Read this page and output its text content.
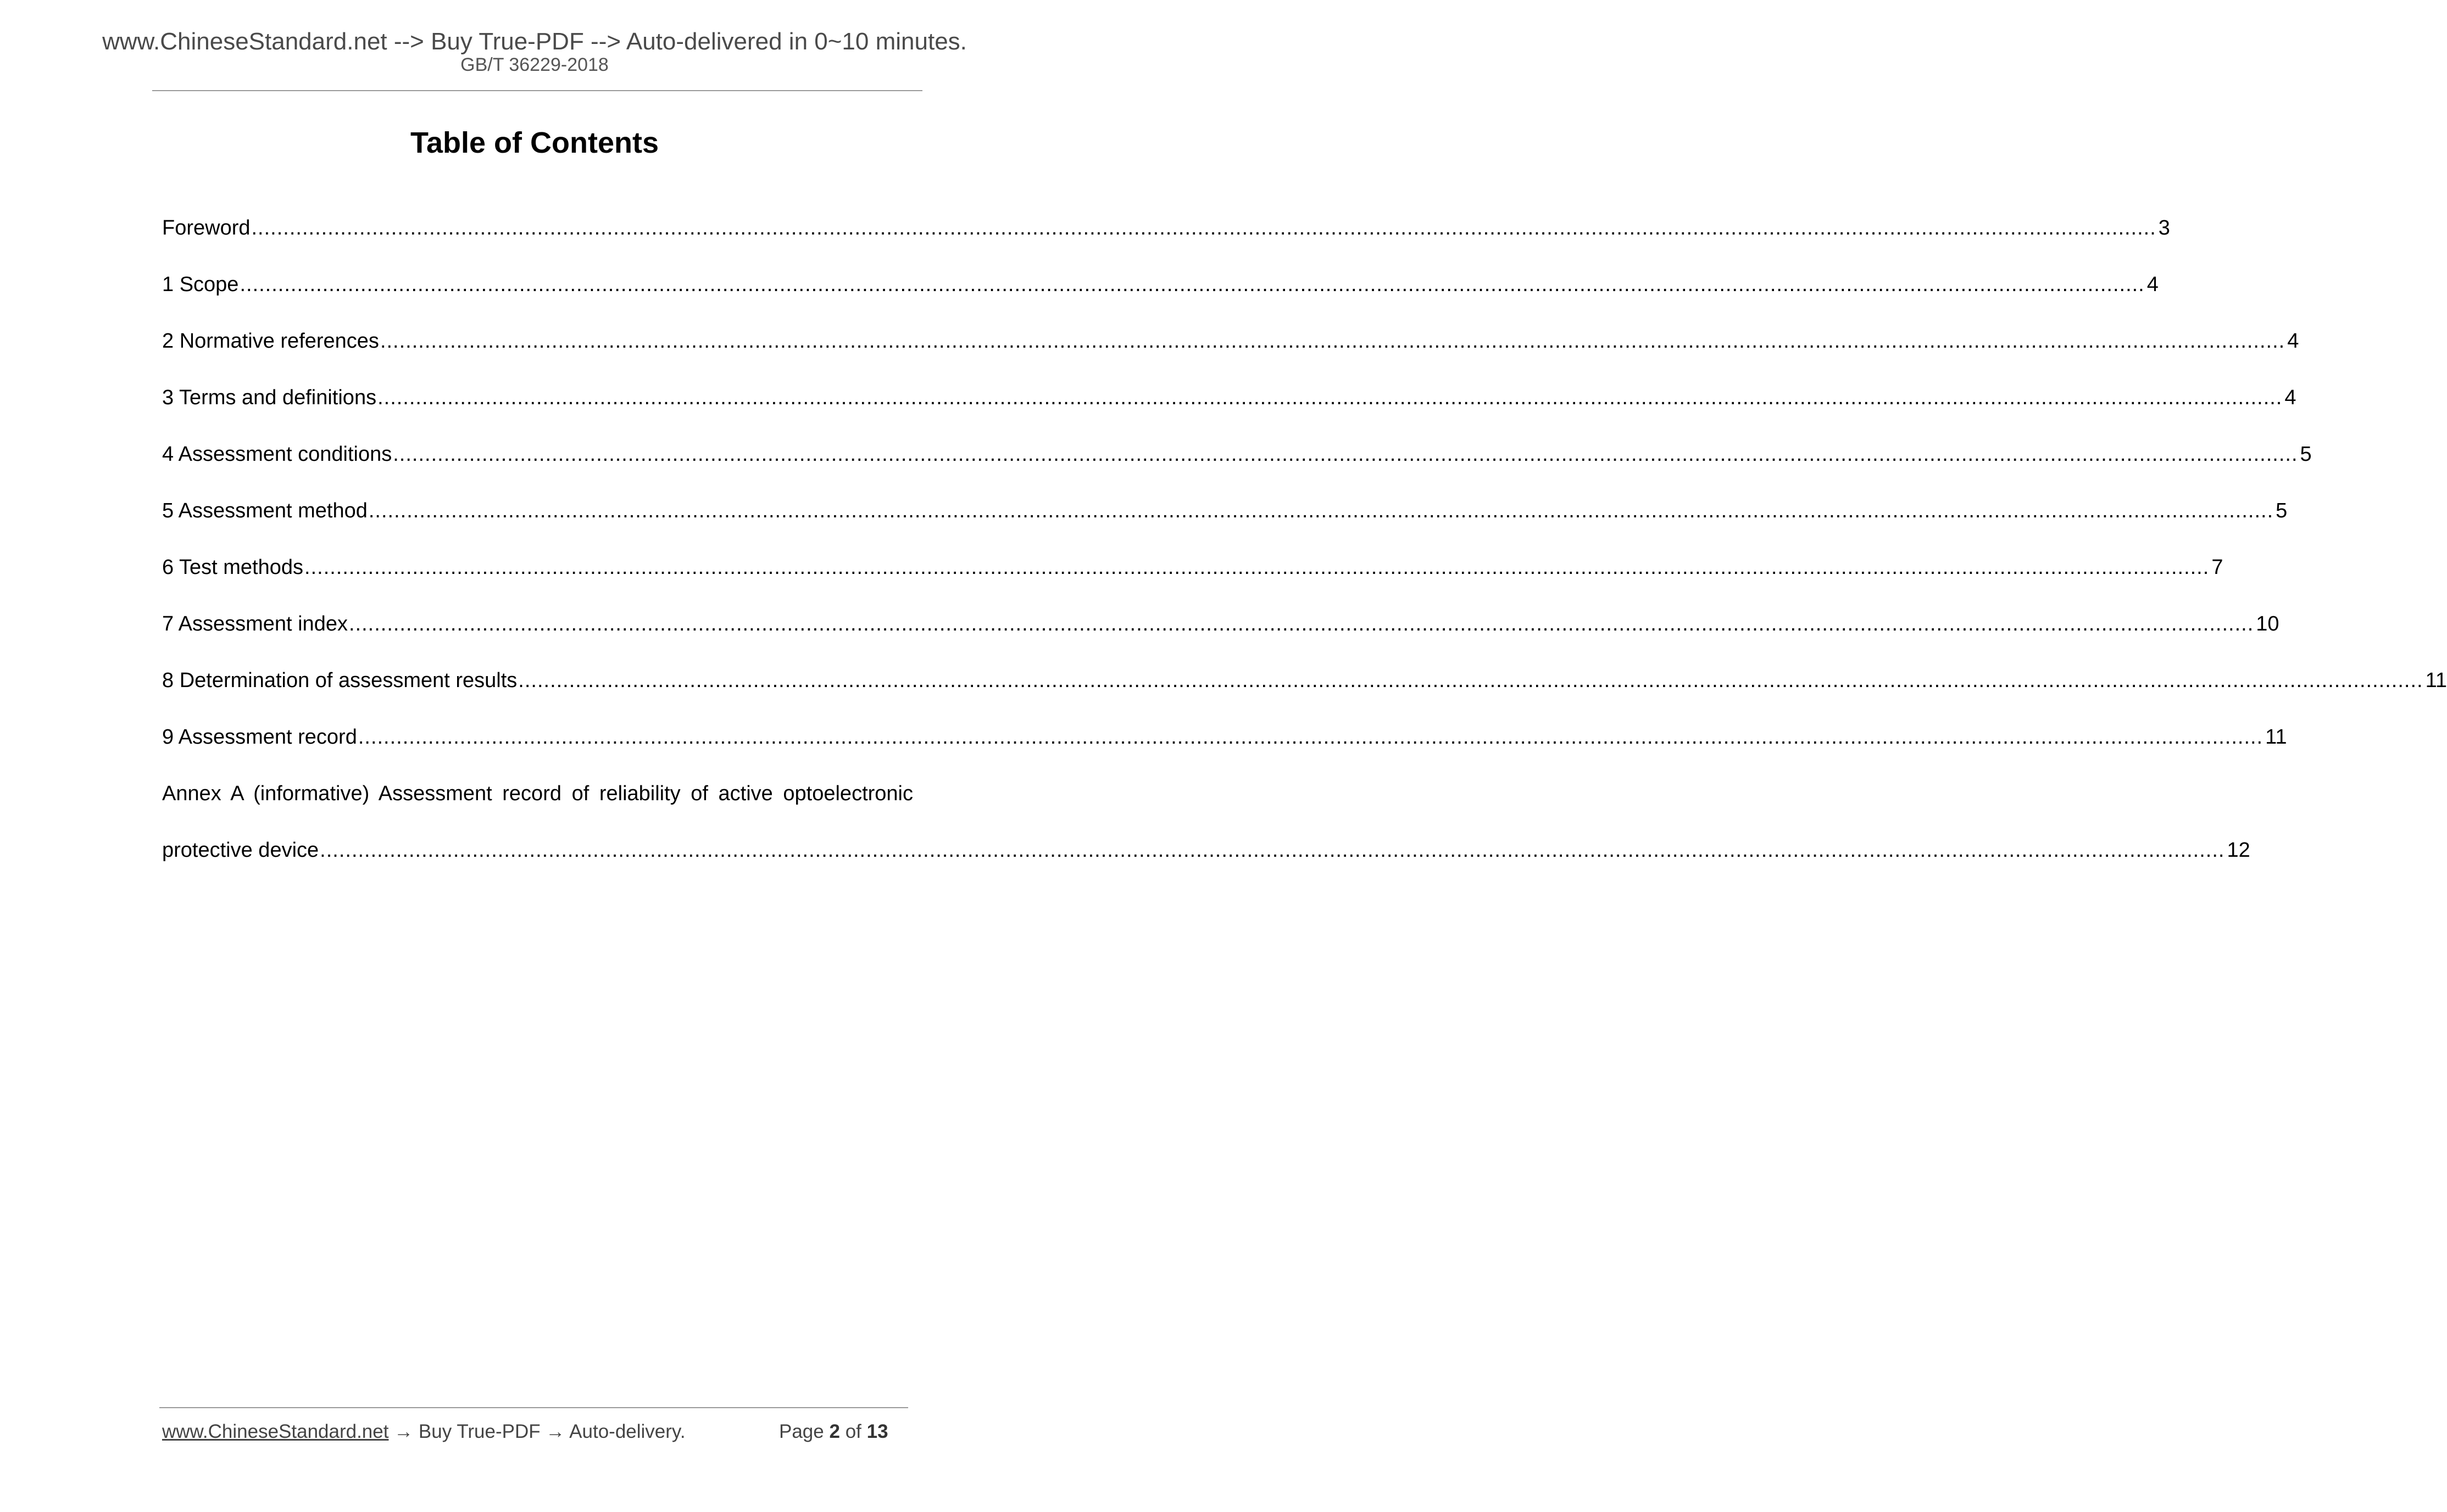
www.ChineseStandard.net --> Buy True-PDF --> Auto-delivered in 0~10 minutes.
GB/T 36229-2018
Table of Contents
Foreword ............................................................................................................................................................................................................................................................................................................ 3
1 Scope ............................................................................................................................................................................................................................................................................................................ 4
2 Normative references ............................................................................................................................................................................................................................................................................................................ 4
3 Terms and definitions ............................................................................................................................................................................................................................................................................................................ 4
4 Assessment conditions ............................................................................................................................................................................................................................................................................................................ 5
5 Assessment method ............................................................................................................................................................................................................................................................................................................ 5
6 Test methods ............................................................................................................................................................................................................................................................................................................ 7
7 Assessment index ............................................................................................................................................................................................................................................................................................................ 10
8 Determination of assessment results ............................................................................................................................................................................................................................................................................................................ 11
9 Assessment record ............................................................................................................................................................................................................................................................................................................ 11
Annex A (informative) Assessment record of reliability of active optoelectronic
protective device ............................................................................................................................................................................................................................................................................................................ 12
www.ChineseStandard.net → Buy True-PDF → Auto-delivery.	Page 2 of 13
